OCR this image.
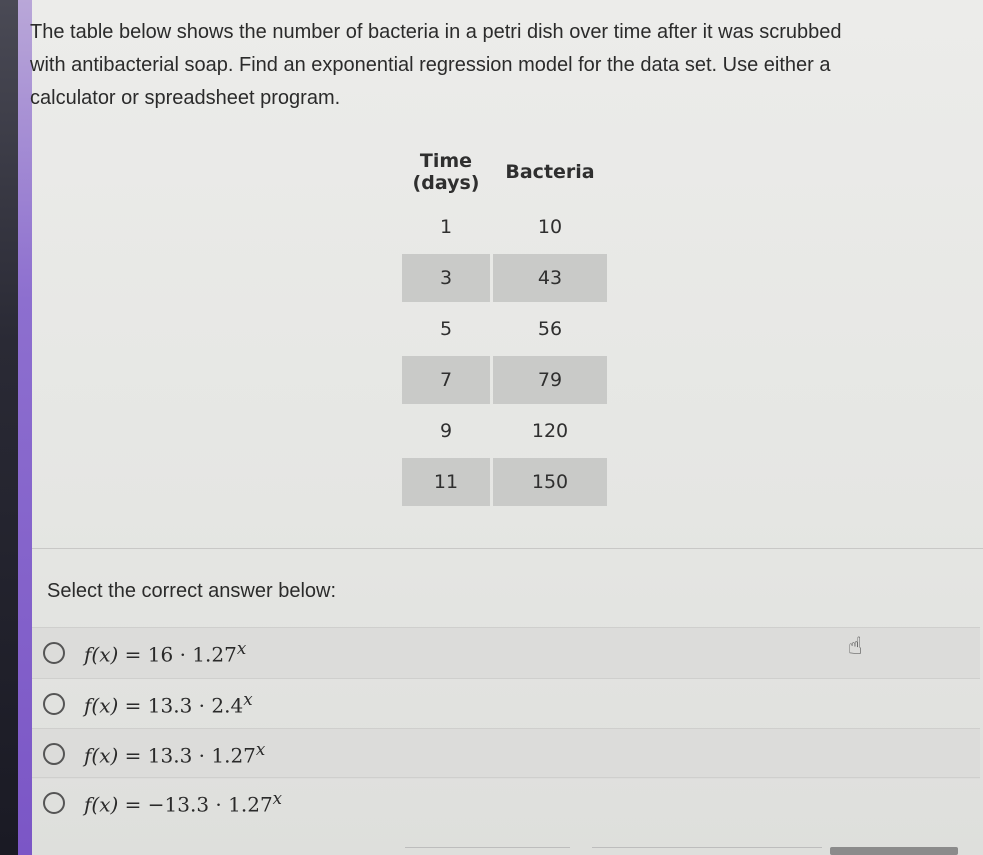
The table below shows the number of bacteria in a petri dish over time after it was scrubbed
with antibacterial soap. Find an exponential regression model for the data set. Use either a
calculator or spreadsheet program.
Time
(days)	Bacteria
1	10
3	43
5	56
7	79
9	120
11	150
Select the correct answer below:
$f(x) = 16 \cdot 1.27^x$
$f(x) = 13.3 \cdot 2.4^x$
$f(x) = 13.3 \cdot 1.27^x$
$f(x) = -13.3 \cdot 1.27^x$
☝
